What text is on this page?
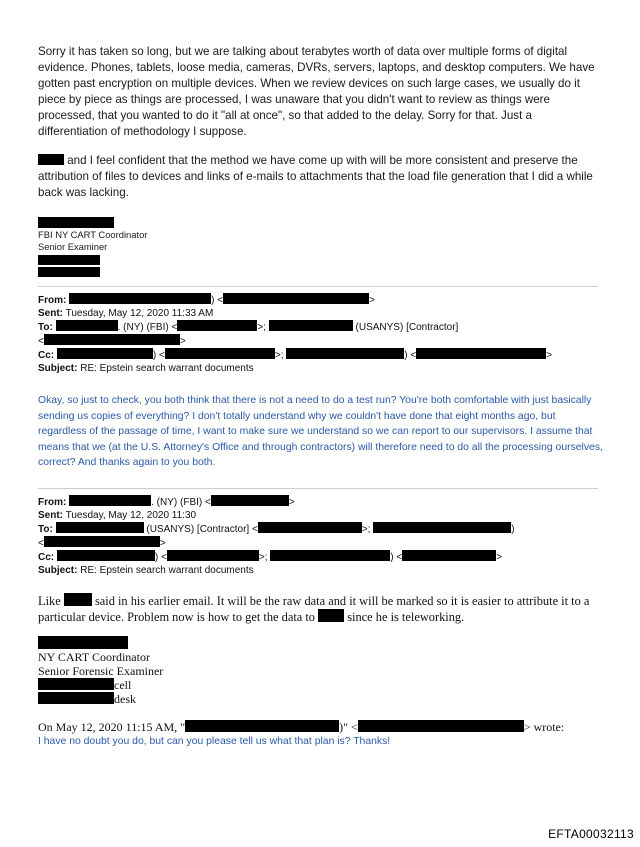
Sorry it has taken so long, but we are talking about terabytes worth of data over multiple forms of digital evidence. Phones, tablets, loose media, cameras, DVRs, servers, laptops, and desktop computers. We have gotten past encryption on multiple devices. When we review devices on such large cases, we usually do it piece by piece as things are processed, I was unaware that you didn't want to review as things were processed, that you wanted to do it "all at once", so that added to the delay. Sorry for that. Just a differentiation of methodology I suppose.

and I feel confident that the method we have come up with will be more consistent and preserve the attribution of files to devices and links of e-mails to attachments that the load file generation that I did a while back was lacking.

FBI NY CART Coordinator

Senior Examiner

From:	) <	>
Sent: Tuesday, May 12, 2020 11:33 AM
To:	. (NY) (FBI) <	>;	(USANYS) [Contractor]
<	>
Cc:	) <	>;	) <	>
Subject: RE: Epstein search warrant documents

Okay, so just to check, you both think that there is not a need to do a test run? You're both comfortable with just basically sending us copies of everything? I don't totally understand why we couldn't have done that eight months ago, but regardless of the passage of time, I want to make sure we understand so we can report to our supervisors. I assume that means that we (at the U.S. Attorney's Office and through contractors) will therefore need to do all the processing ourselves, correct? And thanks again to you both.

From:	. (NY) (FBI) <	>
Sent: Tuesday, May 12, 2020 11:30
To:	(USANYS) [Contractor] <	>;	)
<	>
Cc:	) <	>;	) <	>
Subject: RE: Epstein search warrant documents

Like	said in his earlier email. It will be the raw data and it will be marked so it is easier to attribute it to a particular device. Problem now is how to get the data to	since he is teleworking.

NY CART Coordinator

Senior Forensic Examiner

cell

desk

On May 12, 2020 11:15 AM, "	)" <	> wrote:

I have no doubt you do, but can you please tell us what that plan is? Thanks!

EFTA00032113
